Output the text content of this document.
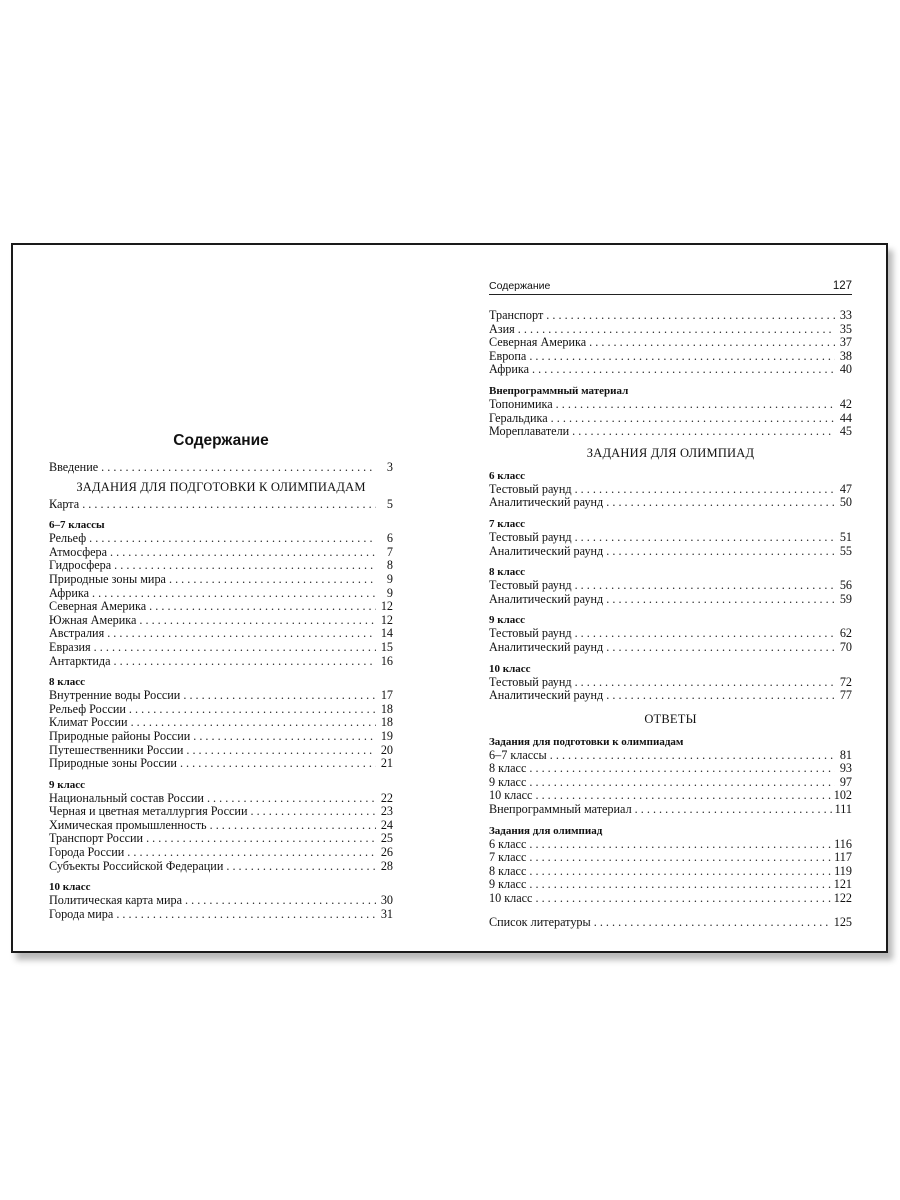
Содержание
Введение . . .	3
ЗАДАНИЯ ДЛЯ ПОДГОТОВКИ К ОЛИМПИАДАМ
Карта . . .	5
6–7 классы
Рельеф . . .	6
Атмосфера . . .	7
Гидросфера . . .	8
Природные зоны мира . . .	9
Африка . . .	9
Северная Америка . . .	12
Южная Америка . . .	12
Австралия . . .	14
Евразия . . .	15
Антарктида . . .	16
8 класс
Внутренние воды России . . .	17
Рельеф России . . .	18
Климат России . . .	18
Природные районы России . . .	19
Путешественники России . . .	20
Природные зоны России . . .	21
9 класс
Национальный состав России . . .	22
Черная и цветная металлургия России . . .	23
Химическая промышленность . . .	24
Транспорт России . . .	25
Города России . . .	26
Субъекты Российской Федерации . . .	28
10 класс
Политическая карта мира . . .	30
Города мира . . .	31
Содержание	127
Транспорт . . .	33
Азия . . .	35
Северная Америка . . .	37
Европа . . .	38
Африка . . .	40
Внепрограммный материал
Топонимика . . .	42
Геральдика . . .	44
Мореплаватели . . .	45
ЗАДАНИЯ ДЛЯ ОЛИМПИАД
6 класс
Тестовый раунд . . .	47
Аналитический раунд . . .	50
7 класс
Тестовый раунд . . .	51
Аналитический раунд . . .	55
8 класс
Тестовый раунд . . .	56
Аналитический раунд . . .	59
9 класс
Тестовый раунд . . .	62
Аналитический раунд . . .	70
10 класс
Тестовый раунд . . .	72
Аналитический раунд . . .	77
ОТВЕТЫ
Задания для подготовки к олимпиадам
6–7 классы . . .	81
8 класс . . .	93
9 класс . . .	97
10 класс . . .	102
Внепрограммный материал . . .	111
Задания для олимпиад
6 класс . . .	116
7 класс . . .	117
8 класс . . .	119
9 класс . . .	121
10 класс . . .	122
Список литературы . . .	125
